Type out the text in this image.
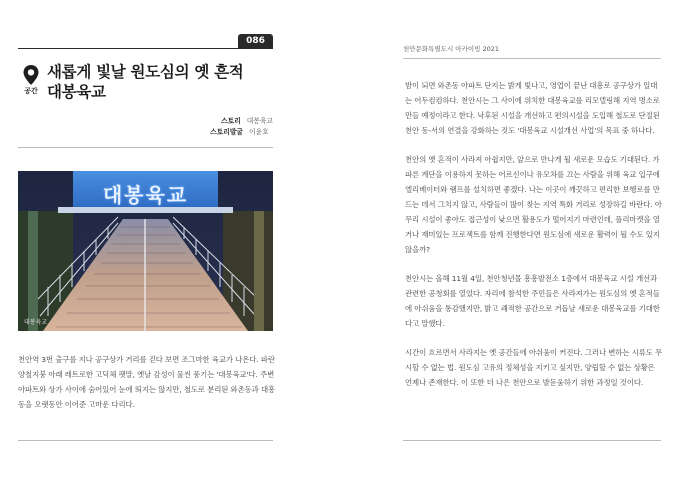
086
공간
새롭게 빛날 원도심의 옛 흔적
대봉육교
스토리 대봉육교
스토리발굴 이윤호
대봉육교
대봉육교
천안역 3번 출구를 지나 공구상가 거리를 걷다 보면 조그마한 육교가 나온다. 파란 양철지붕 아래 레트로한 고딕체 팻말, 옛날 감성이 물씬 풍기는 '대봉육교'다. 주변 아파트와 상가 사이에 숨어있어 눈에 띄지는 않지만, 철도로 분리된 와촌동과 대흥동을 오랫동안 이어준 고마운 다리다.
천안문화특별도시 아카이빙 2021

밤이 되면 와촌동 아파트 단지는 밝게 빛나고, 영업이 끝난 대흥로 공구상가 일대는 어두컴컴하다. 천안시는 그 사이에 위치한 대봉육교를 리모델링해 지역 명소로 만들 예정이라고 한다. 낙후된 시설을 개선하고 편의시설을 도입해 철도로 단절된 천안 동-서의 연결을 강화하는 것도 '대봉육교 시설개선 사업'의 목표 중 하나다.

천안의 옛 흔적이 사라져 아쉽지만, 앞으로 만나게 될 새로운 모습도 기대된다. 가파른 계단을 이용하지 못하는 어르신이나 유모차를 끄는 사람을 위해 육교 입구에 엘리베이터와 램프를 설치하면 좋겠다. 나는 이곳이 깨끗하고 편리한 보행로를 만드는 데서 그치지 않고, 사람들이 많이 찾는 지역 특화 거리로 성장하길 바란다. 아무리 시설이 좋아도 접근성이 낮으면 활용도가 떨어지기 마련인데, 플리마켓을 열거나 재미있는 프로젝트를 함께 진행한다면 원도심에 새로운 활력이 될 수도 있지 않을까?

천안시는 올해 11월 4일, 천안청년몰 흥흥발전소 1층에서 대봉육교 시설 개선과 관련한 공청회를 열었다. 자리에 참석한 주민들은 사라져가는 원도심의 옛 흔적들에 아쉬움을 통감했지만, 밝고 쾌적한 공간으로 거듭날 새로운 대봉육교를 기대한다고 말했다.

시간이 흐르면서 사라지는 옛 공간들에 아쉬움이 커진다. 그러나 변하는 시류도 무시할 수 없는 법. 원도심 고유의 정체성을 지키고 싶지만, 양립할 수 없는 상황은 언제나 존재한다. 이 또한 더 나은 천안으로 발돋움하기 위한 과정일 것이다.
